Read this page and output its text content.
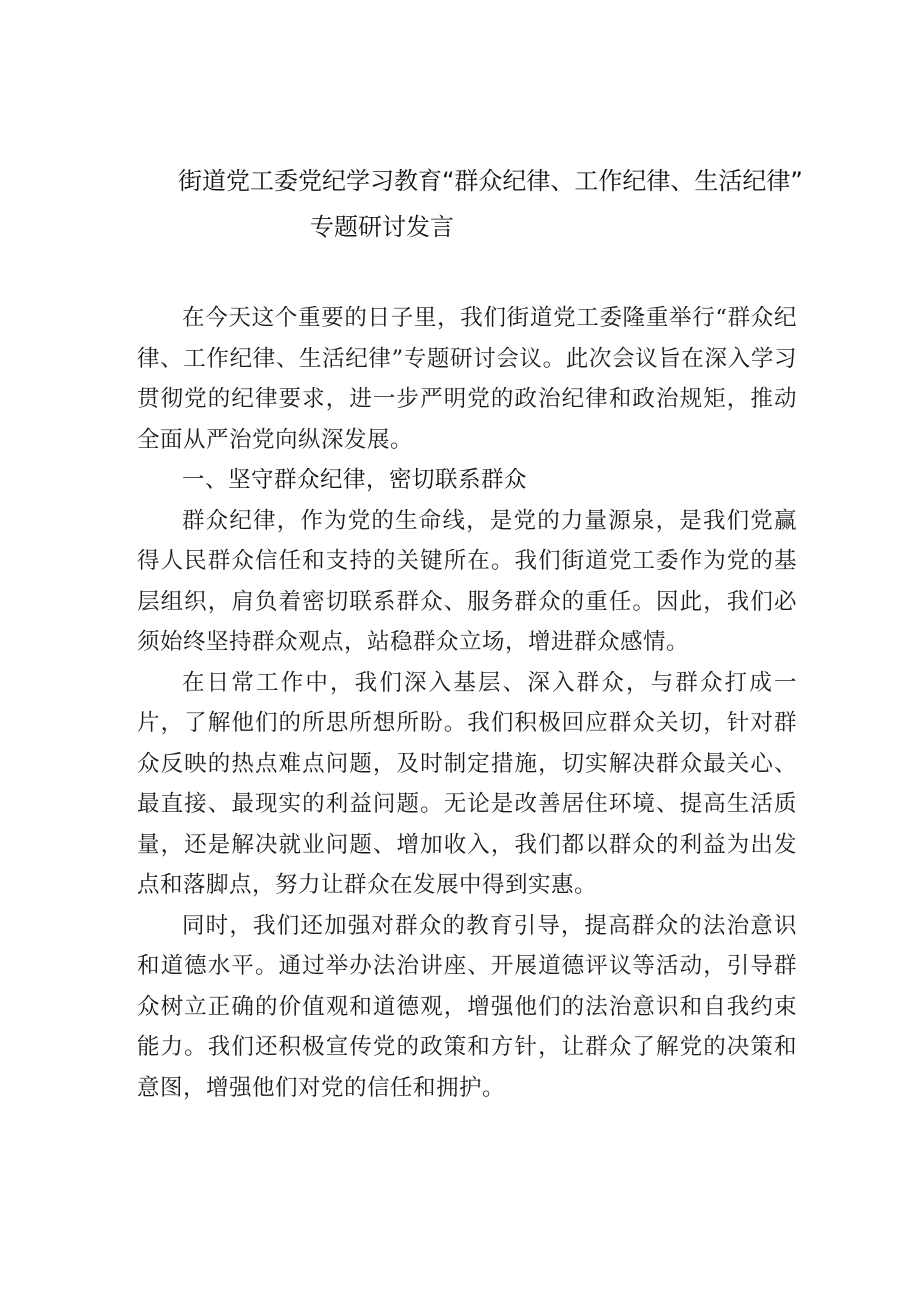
街道党工委党纪学习教育“群众纪律、工作纪律、生活纪律”
专题研讨发言

在今天这个重要的日子里，我们街道党工委隆重举行“群众纪律、工作纪律、生活纪律”专题研讨会议。此次会议旨在深入学习贯彻党的纪律要求，进一步严明党的政治纪律和政治规矩，推动全面从严治党向纵深发展。

一、坚守群众纪律，密切联系群众

群众纪律，作为党的生命线，是党的力量源泉，是我们党赢得人民群众信任和支持的关键所在。我们街道党工委作为党的基层组织，肩负着密切联系群众、服务群众的重任。因此，我们必须始终坚持群众观点，站稳群众立场，增进群众感情。

在日常工作中，我们深入基层、深入群众，与群众打成一片，了解他们的所思所想所盼。我们积极回应群众关切，针对群众反映的热点难点问题，及时制定措施，切实解决群众最关心、最直接、最现实的利益问题。无论是改善居住环境、提高生活质量，还是解决就业问题、增加收入，我们都以群众的利益为出发点和落脚点，努力让群众在发展中得到实惠。

同时，我们还加强对群众的教育引导，提高群众的法治意识和道德水平。通过举办法治讲座、开展道德评议等活动，引导群众树立正确的价值观和道德观，增强他们的法治意识和自我约束能力。我们还积极宣传党的政策和方针，让群众了解党的决策和意图，增强他们对党的信任和拥护。
